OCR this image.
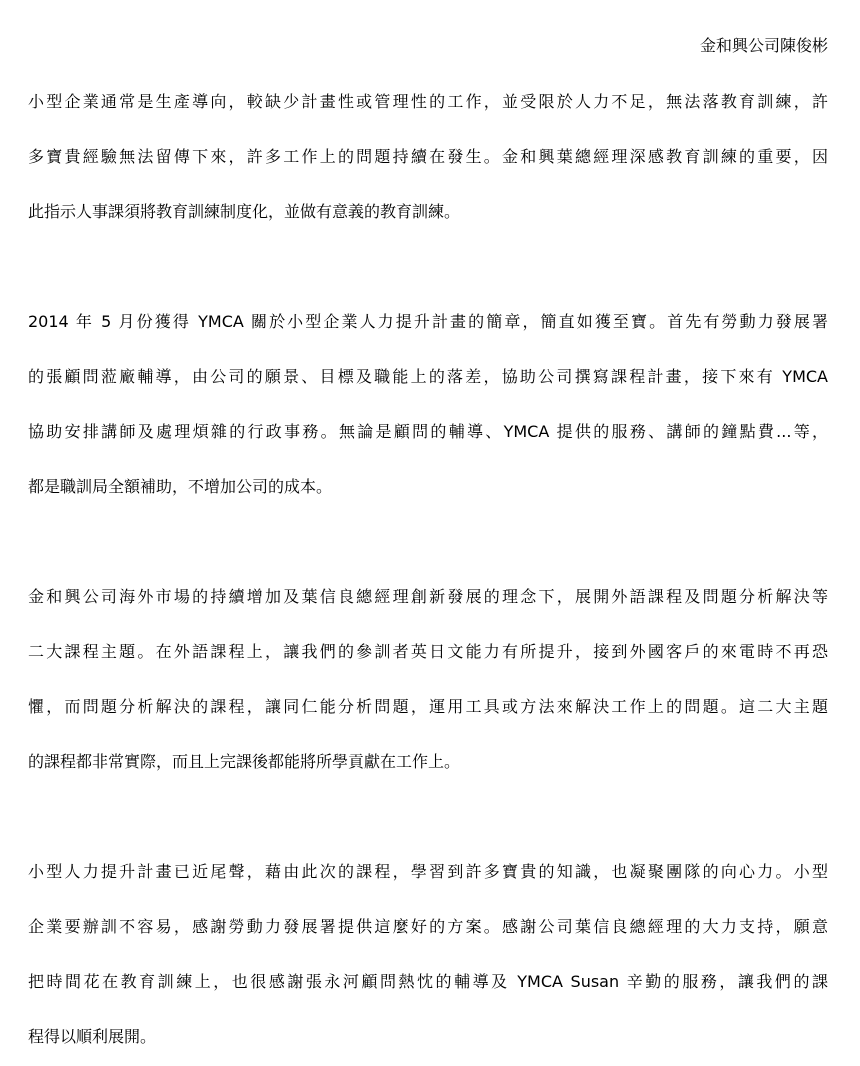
金和興公司陳俊彬
小型企業通常是生產導向，較缺少計畫性或管理性的工作，並受限於人力不足，無法落教育訓練，許
多寶貴經驗無法留傳下來，許多工作上的問題持續在發生。金和興葉總經理深感教育訓練的重要，因
此指示人事課須將教育訓練制度化，並做有意義的教育訓練。
2014 年 5 月份獲得 YMCA 關於小型企業人力提升計畫的簡章，簡直如獲至寶。首先有勞動力發展署
的張顧問蒞廠輔導，由公司的願景、目標及職能上的落差，協助公司撰寫課程計畫，接下來有 YMCA
協助安排講師及處理煩雜的行政事務。無論是顧問的輔導、YMCA 提供的服務、講師的鐘點費...等，
都是職訓局全額補助，不增加公司的成本。
金和興公司海外市場的持續增加及葉信良總經理創新發展的理念下，展開外語課程及問題分析解決等
二大課程主題。在外語課程上，讓我們的參訓者英日文能力有所提升，接到外國客戶的來電時不再恐
懼，而問題分析解決的課程，讓同仁能分析問題，運用工具或方法來解決工作上的問題。這二大主題
的課程都非常實際，而且上完課後都能將所學貢獻在工作上。
小型人力提升計畫已近尾聲，藉由此次的課程，學習到許多寶貴的知識，也凝聚團隊的向心力。小型
企業要辦訓不容易，感謝勞動力發展署提供這麼好的方案。感謝公司葉信良總經理的大力支持，願意
把時間花在教育訓練上，也很感謝張永河顧問熱忱的輔導及 YMCA Susan 辛勤的服務，讓我們的課
程得以順利展開。
